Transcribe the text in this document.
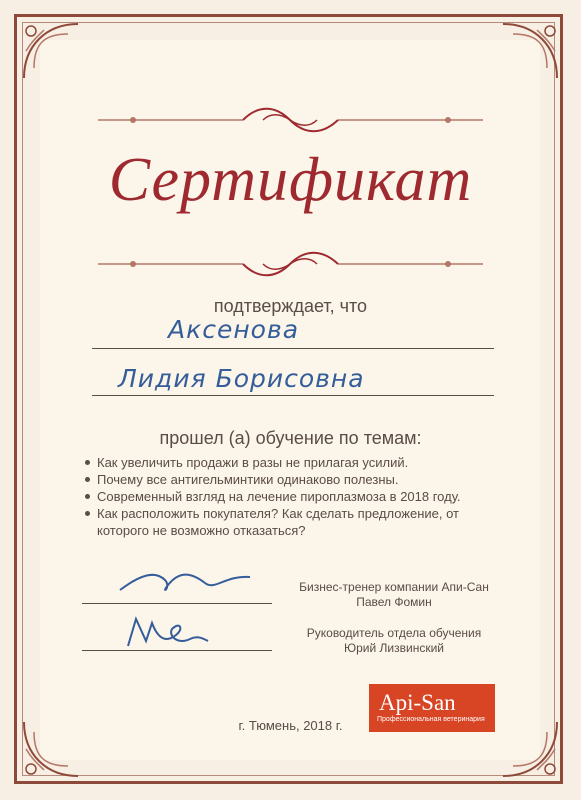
Сертификат
подтверждает, что
Аксенова
Лидия Борисовна
прошел (а) обучение по темам:
Как увеличить продажи в разы не прилагая усилий.
Почему все антигельминтики одинаково полезны.
Современный взгляд на лечение пироплазмоза в 2018 году.
Как расположить покупателя? Как сделать предложение, от которого не возможно отказаться?
Бизнес-тренер компании Апи-Сан
Павел Фомин
Руководитель отдела обучения
Юрий Лизвинский
Api-San
Профессиональная ветеринария
г. Тюмень, 2018 г.
